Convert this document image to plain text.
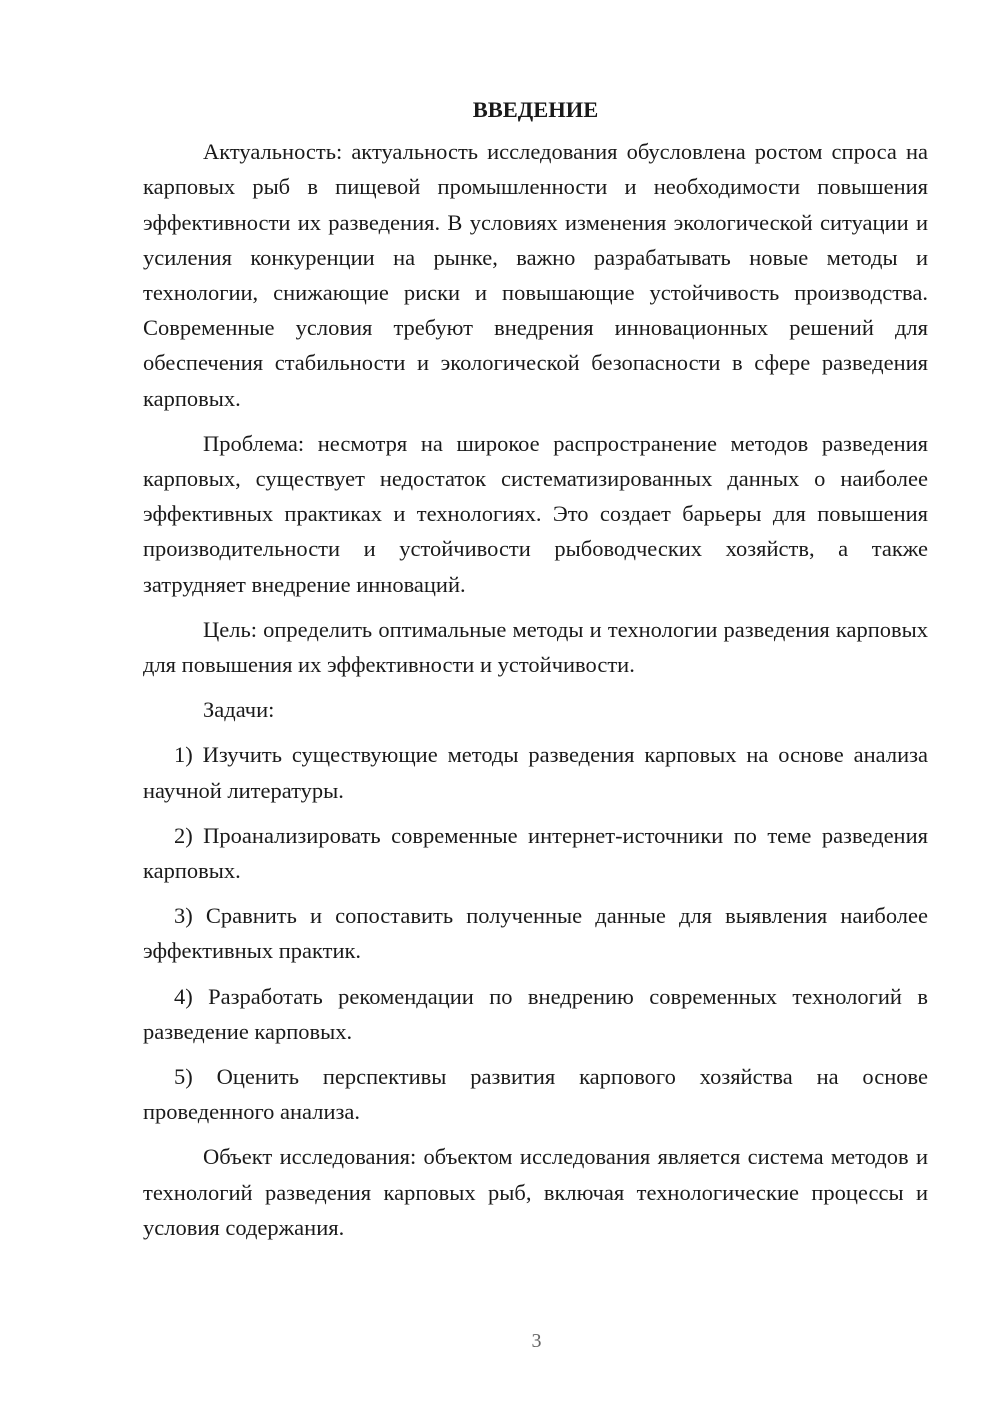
ВВЕДЕНИЕ

Актуальность: актуальность исследования обусловлена ростом спроса на карповых рыб в пищевой промышленности и необходимости повышения эффективности их разведения. В условиях изменения экологической ситуации и усиления конкуренции на рынке, важно разрабатывать новые методы и технологии, снижающие риски и повышающие устойчивость производства. Современные условия требуют внедрения инновационных решений для обеспечения стабильности и экологической безопасности в сфере разведения карповых.

Проблема: несмотря на широкое распространение методов разведения карповых, существует недостаток систематизированных данных о наиболее эффективных практиках и технологиях. Это создает барьеры для повышения производительности и устойчивости рыбоводческих хозяйств, а также затрудняет внедрение инноваций.

Цель: определить оптимальные методы и технологии разведения карповых для повышения их эффективности и устойчивости.

Задачи:

1) Изучить существующие методы разведения карповых на основе анализа научной литературы.

2) Проанализировать современные интернет-источники по теме разведения карповых.

3) Сравнить и сопоставить полученные данные для выявления наиболее эффективных практик.

4) Разработать рекомендации по внедрению современных технологий в разведение карповых.

5) Оценить перспективы развития карпового хозяйства на основе проведенного анализа.

Объект исследования: объектом исследования является система методов и технологий разведения карповых рыб, включая технологические процессы и условия содержания.

3
